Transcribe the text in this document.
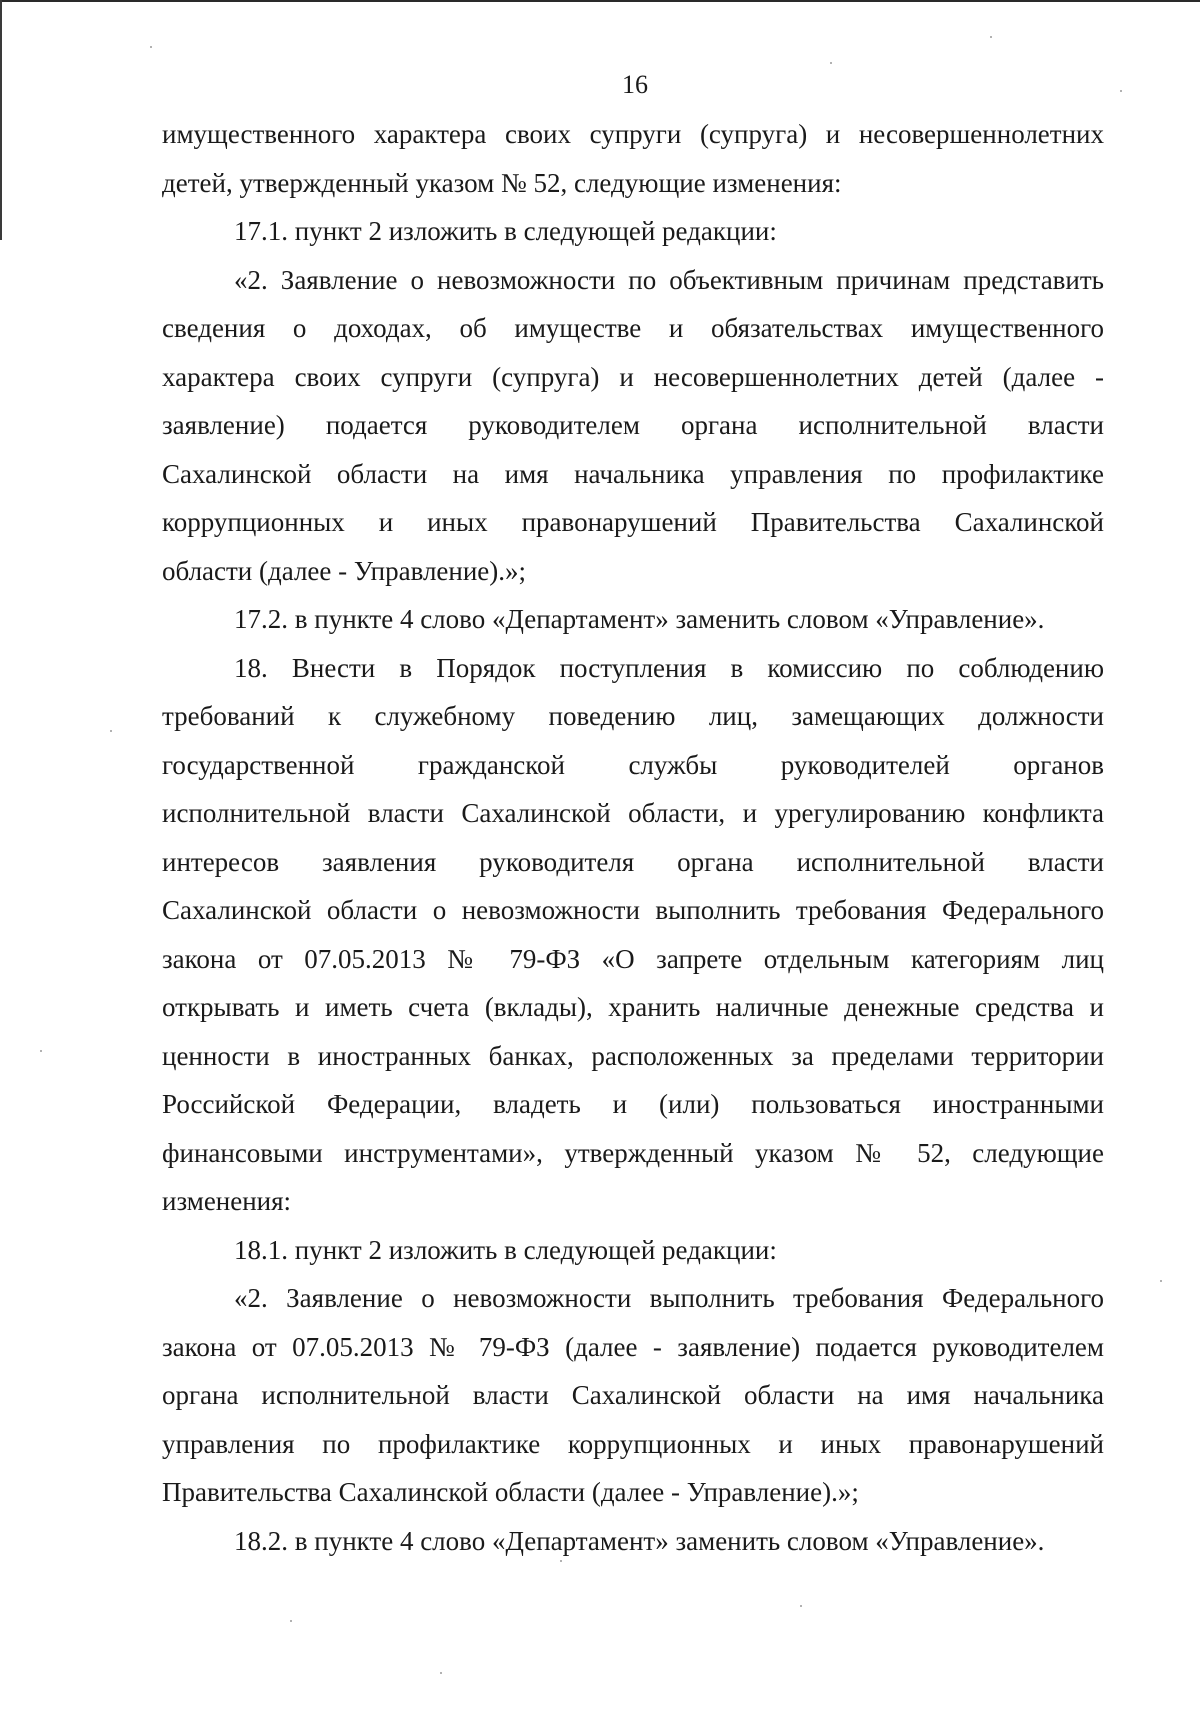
16
имущественного характера своих супруги (супруга) и несовершеннолетних
детей, утвержденный указом № 52, следующие изменения:
17.1. пункт 2 изложить в следующей редакции:
«2. Заявление о невозможности по объективным причинам представить
сведения о доходах, об имуществе и обязательствах имущественного
характера своих супруги (супруга) и несовершеннолетних детей (далее -
заявление) подается руководителем органа исполнительной власти
Сахалинской области на имя начальника управления по профилактике
коррупционных и иных правонарушений Правительства Сахалинской
области (далее - Управление).»;
17.2. в пункте 4 слово «Департамент» заменить словом «Управление».
18. Внести в Порядок поступления в комиссию по соблюдению
требований к служебному поведению лиц, замещающих должности
государственной гражданской службы руководителей органов
исполнительной власти Сахалинской области, и урегулированию конфликта
интересов заявления руководителя органа исполнительной власти
Сахалинской области о невозможности выполнить требования Федерального
закона от 07.05.2013 № 79-ФЗ «О запрете отдельным категориям лиц
открывать и иметь счета (вклады), хранить наличные денежные средства и
ценности в иностранных банках, расположенных за пределами территории
Российской Федерации, владеть и (или) пользоваться иностранными
финансовыми инструментами», утвержденный указом № 52, следующие
изменения:
18.1. пункт 2 изложить в следующей редакции:
«2. Заявление о невозможности выполнить требования Федерального
закона от 07.05.2013 № 79-ФЗ (далее - заявление) подается руководителем
органа исполнительной власти Сахалинской области на имя начальника
управления по профилактике коррупционных и иных правонарушений
Правительства Сахалинской области (далее - Управление).»;
18.2. в пункте 4 слово «Департамент» заменить словом «Управление».
